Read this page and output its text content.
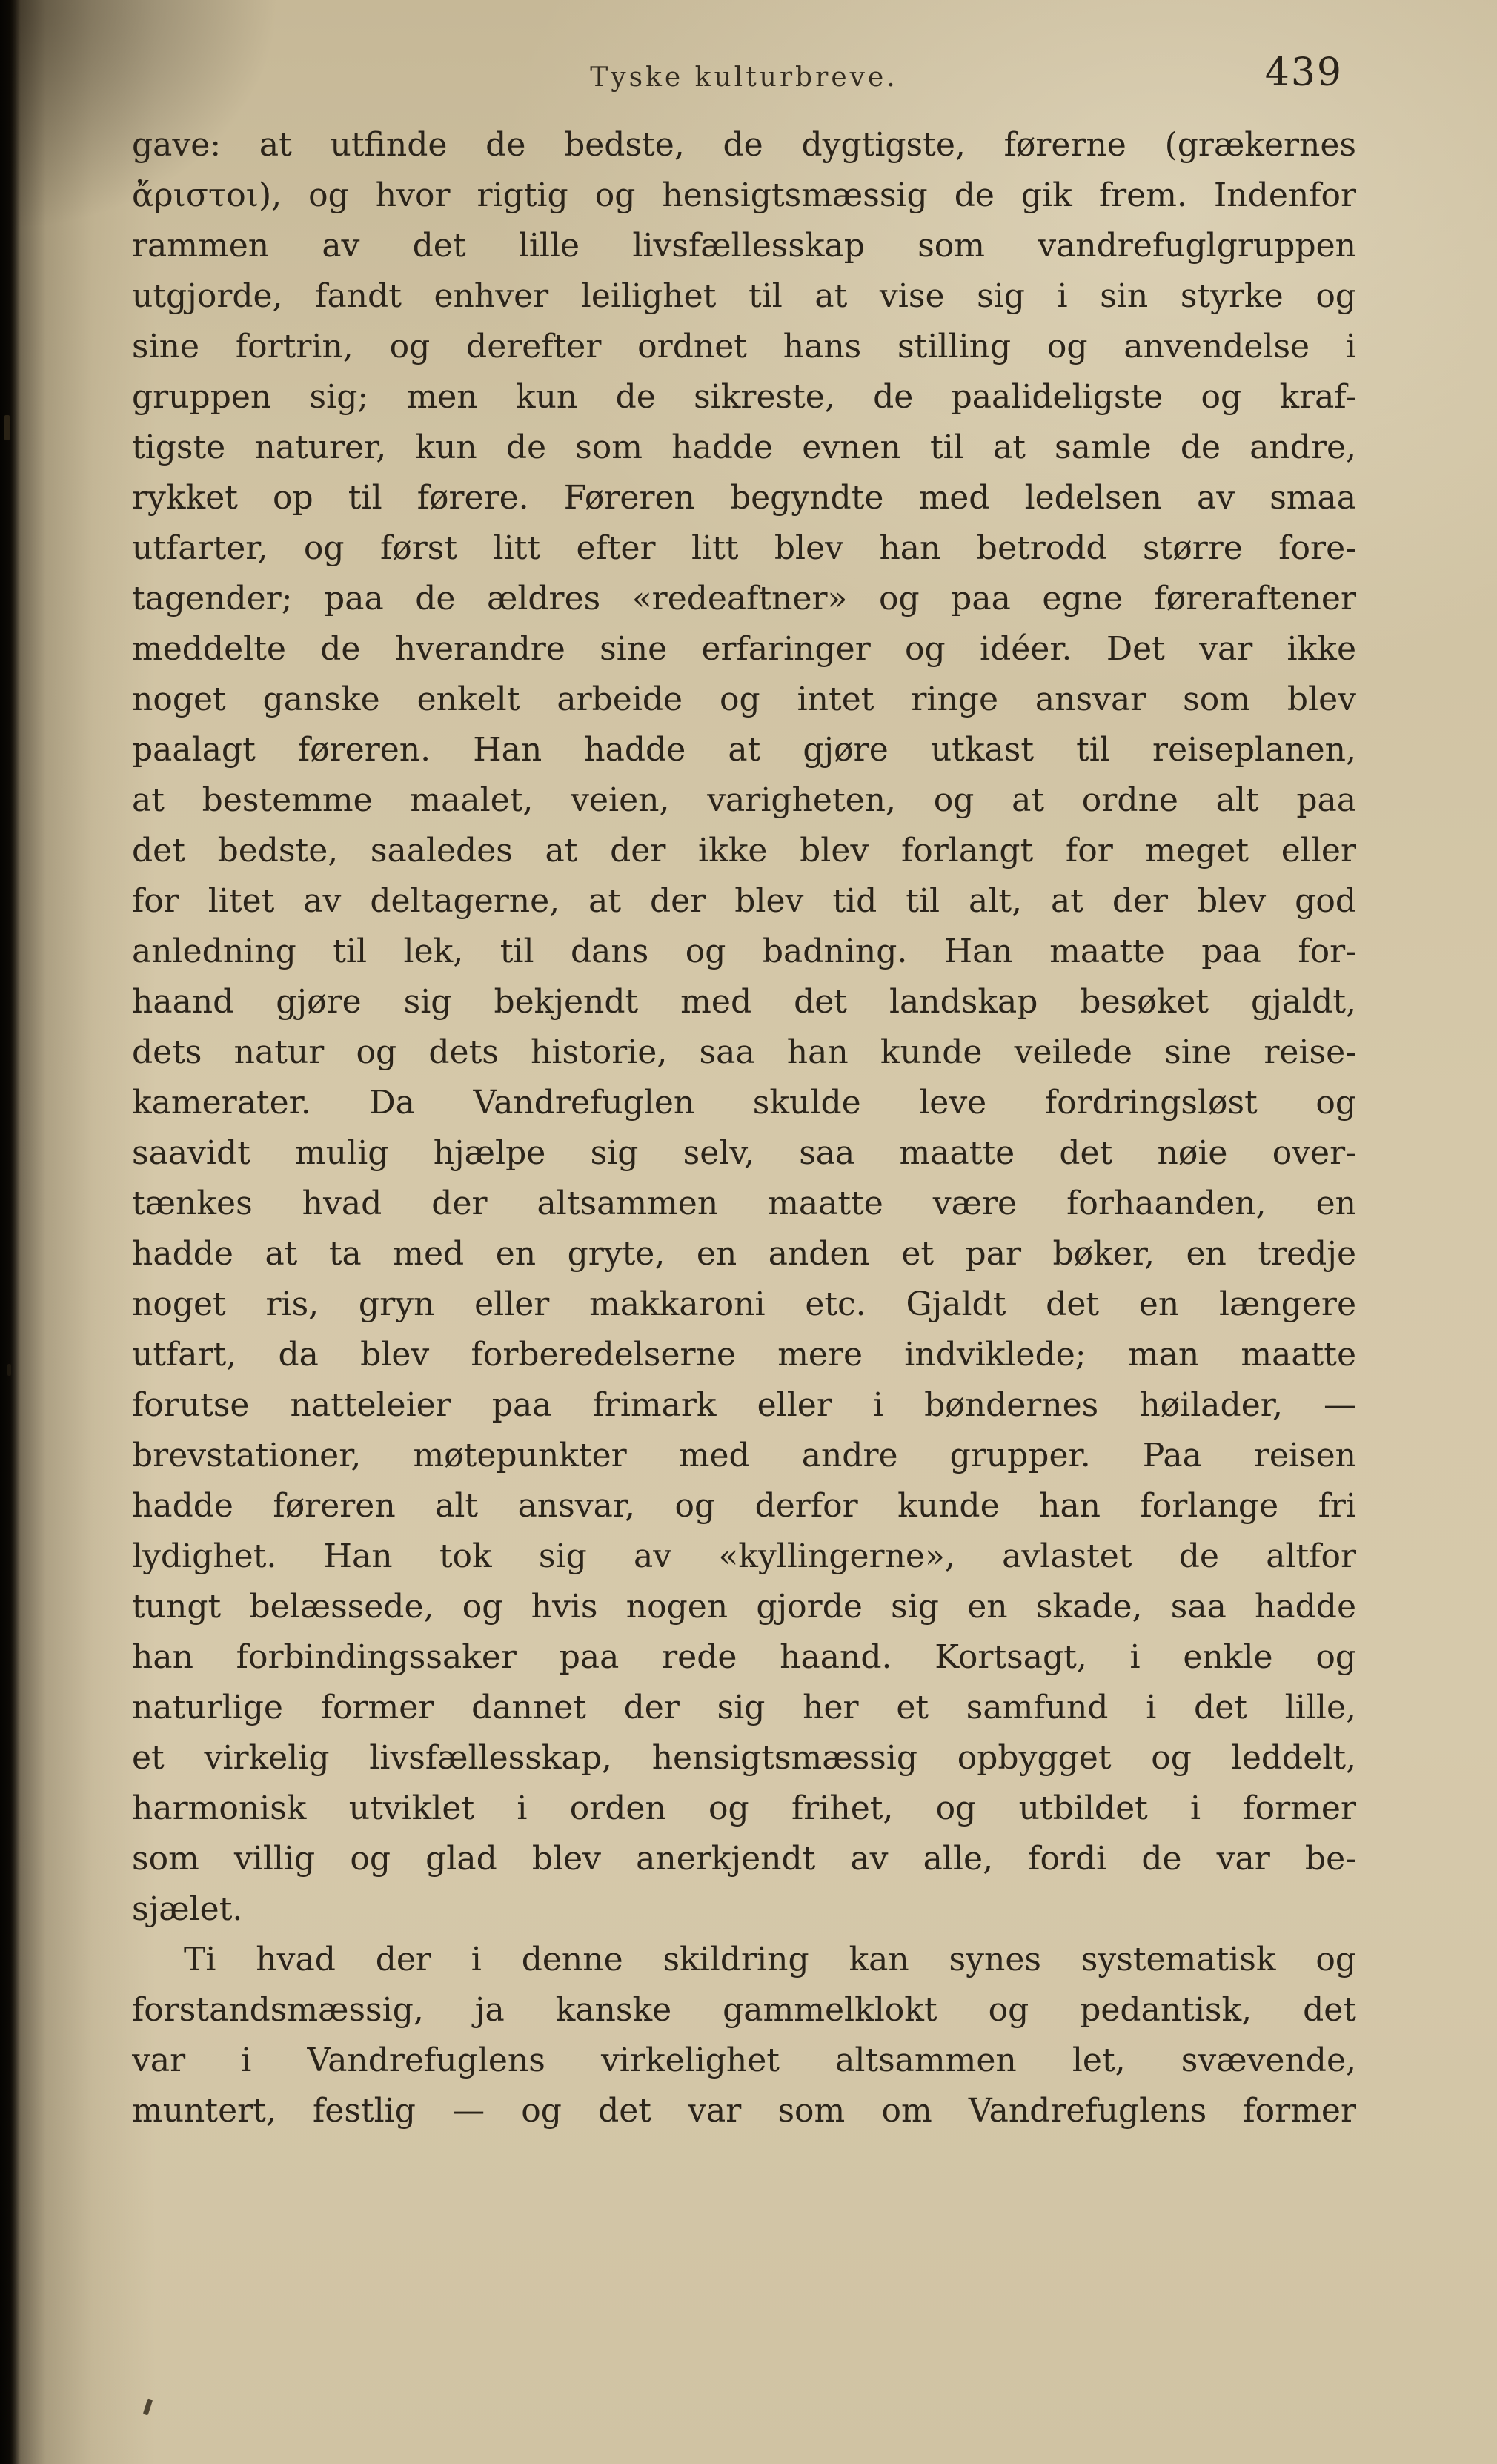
Tyske kulturbreve.	439
gave: at utfinde de bedste, de dygtigste, førerne (grækernes
ἄριστοι), og hvor rigtig og hensigtsmæssig de gik frem. Indenfor
rammen av det lille livsfællesskap som vandrefuglgruppen
utgjorde, fandt enhver leilighet til at vise sig i sin styrke og
sine fortrin, og derefter ordnet hans stilling og anvendelse i
gruppen sig; men kun de sikreste, de paalideligste og kraf-
tigste naturer, kun de som hadde evnen til at samle de andre,
rykket op til førere. Føreren begyndte med ledelsen av smaa
utfarter, og først litt efter litt blev han betrodd større fore-
tagender; paa de ældres «redeaftner» og paa egne føreraftener
meddelte de hverandre sine erfaringer og idéer. Det var ikke
noget ganske enkelt arbeide og intet ringe ansvar som blev
paalagt føreren. Han hadde at gjøre utkast til reiseplanen,
at bestemme maalet, veien, varigheten, og at ordne alt paa
det bedste, saaledes at der ikke blev forlangt for meget eller
for litet av deltagerne, at der blev tid til alt, at der blev god
anledning til lek, til dans og badning. Han maatte paa for-
haand gjøre sig bekjendt med det landskap besøket gjaldt,
dets natur og dets historie, saa han kunde veilede sine reise-
kamerater. Da Vandrefuglen skulde leve fordringsløst og
saavidt mulig hjælpe sig selv, saa maatte det nøie over-
tænkes hvad der altsammen maatte være forhaanden, en
hadde at ta med en gryte, en anden et par bøker, en tredje
noget ris, gryn eller makkaroni etc. Gjaldt det en længere
utfart, da blev forberedelserne mere indviklede; man maatte
forutse natteleier paa frimark eller i bøndernes høilader, —
brevstationer, møtepunkter med andre grupper. Paa reisen
hadde føreren alt ansvar, og derfor kunde han forlange fri
lydighet. Han tok sig av «kyllingerne», avlastet de altfor
tungt belæssede, og hvis nogen gjorde sig en skade, saa hadde
han forbindingssaker paa rede haand. Kortsagt, i enkle og
naturlige former dannet der sig her et samfund i det lille,
et virkelig livsfællesskap, hensigtsmæssig opbygget og leddelt,
harmonisk utviklet i orden og frihet, og utbildet i former
som villig og glad blev anerkjendt av alle, fordi de var be-
sjælet.
Ti hvad der i denne skildring kan synes systematisk og
forstandsmæssig, ja kanske gammelklokt og pedantisk, det
var i Vandrefuglens virkelighet altsammen let, svævende,
muntert, festlig — og det var som om Vandrefuglens former
